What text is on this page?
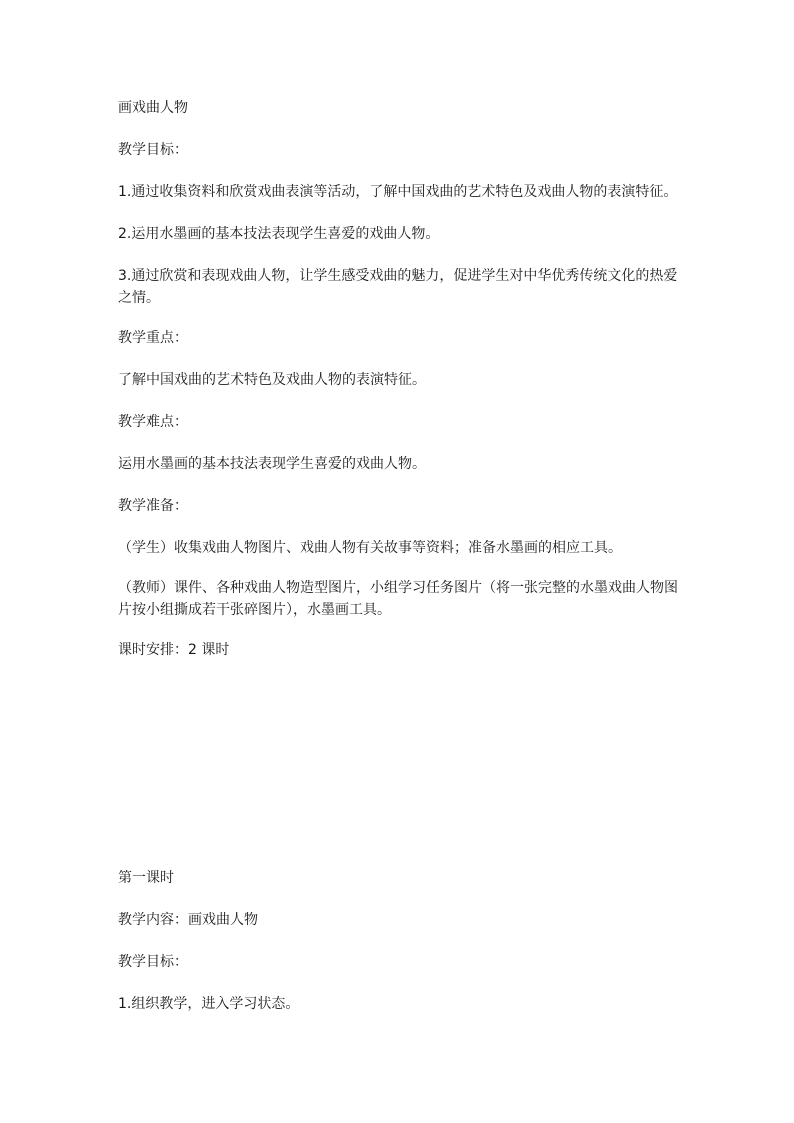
画戏曲人物
教学目标：
1.通过收集资料和欣赏戏曲表演等活动，了解中国戏曲的艺术特色及戏曲人物的表演特征。
2.运用水墨画的基本技法表现学生喜爱的戏曲人物。
3.通过欣赏和表现戏曲人物，让学生感受戏曲的魅力，促进学生对中华优秀传统文化的热爱之情。
教学重点：
了解中国戏曲的艺术特色及戏曲人物的表演特征。
教学难点：
运用水墨画的基本技法表现学生喜爱的戏曲人物。
教学准备：
（学生）收集戏曲人物图片、戏曲人物有关故事等资料；准备水墨画的相应工具。
（教师）课件、各种戏曲人物造型图片，小组学习任务图片（将一张完整的水墨戏曲人物图片按小组撕成若干张碎图片），水墨画工具。
课时安排：2 课时
第一课时
教学内容：画戏曲人物
教学目标：
1.组织教学，进入学习状态。
